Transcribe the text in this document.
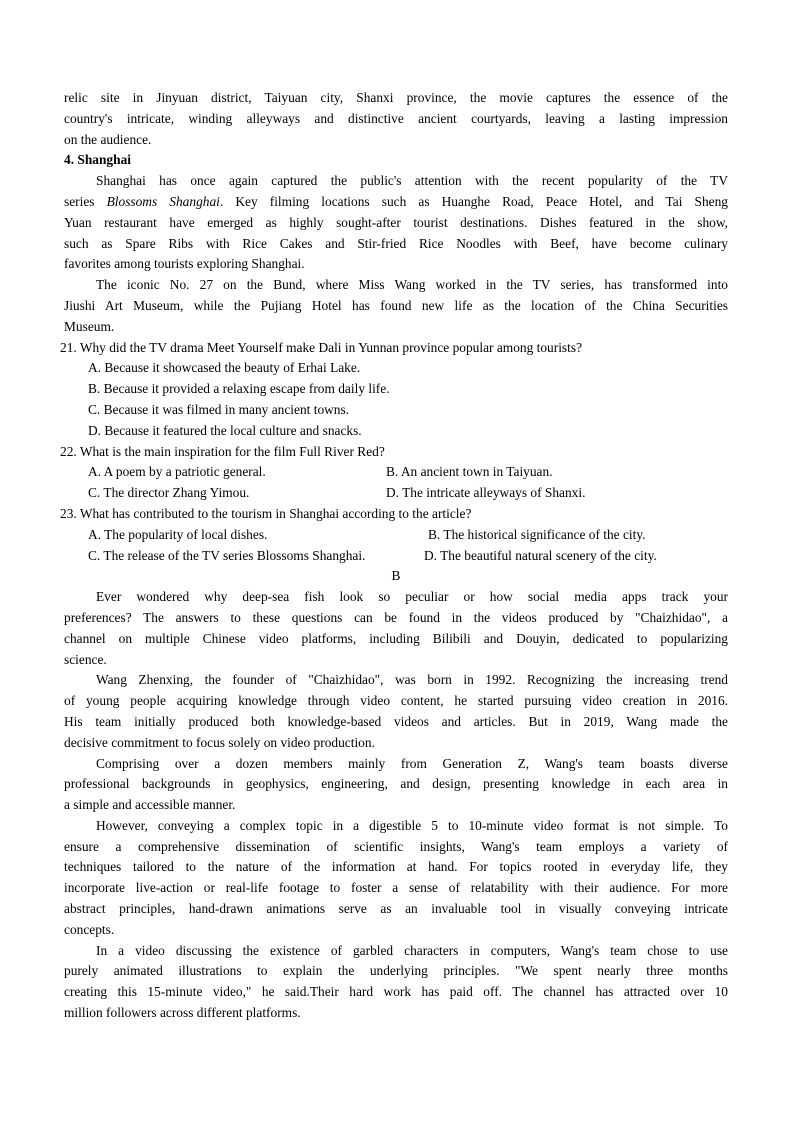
relic site in Jinyuan district, Taiyuan city, Shanxi province, the movie captures the essence of the
country's intricate, winding alleyways and distinctive ancient courtyards, leaving a lasting impression
on the audience.
4. Shanghai
Shanghai has once again captured the public's attention with the recent popularity of the TV
series Blossoms Shanghai. Key filming locations such as Huanghe Road, Peace Hotel, and Tai Sheng
Yuan restaurant have emerged as highly sought-after tourist destinations. Dishes featured in the show,
such as Spare Ribs with Rice Cakes and Stir-fried Rice Noodles with Beef, have become culinary
favorites among tourists exploring Shanghai.
The iconic No. 27 on the Bund, where Miss Wang worked in the TV series, has transformed into
Jiushi Art Museum, while the Pujiang Hotel has found new life as the location of the China Securities
Museum.
21. Why did the TV drama Meet Yourself make Dali in Yunnan province popular among tourists?
A. Because it showcased the beauty of Erhai Lake.
B. Because it provided a relaxing escape from daily life.
C. Because it was filmed in many ancient towns.
D. Because it featured the local culture and snacks.
22. What is the main inspiration for the film Full River Red?
A. A poem by a patriotic general.	B. An ancient town in Taiyuan.
C. The director Zhang Yimou.	D. The intricate alleyways of Shanxi.
23. What has contributed to the tourism in Shanghai according to the article?
A. The popularity of local dishes.	B. The historical significance of the city.
C. The release of the TV series Blossoms Shanghai.	D. The beautiful natural scenery of the city.
B
Ever wondered why deep-sea fish look so peculiar or how social media apps track your
preferences? The answers to these questions can be found in the videos produced by "Chaizhidao", a
channel on multiple Chinese video platforms, including Bilibili and Douyin, dedicated to popularizing
science.
Wang Zhenxing, the founder of "Chaizhidao", was born in 1992. Recognizing the increasing trend
of young people acquiring knowledge through video content, he started pursuing video creation in 2016.
His team initially produced both knowledge-based videos and articles. But in 2019, Wang made the
decisive commitment to focus solely on video production.
Comprising over a dozen members mainly from Generation Z, Wang's team boasts diverse
professional backgrounds in geophysics, engineering, and design, presenting knowledge in each area in
a simple and accessible manner.
However, conveying a complex topic in a digestible 5 to 10-minute video format is not simple. To
ensure a comprehensive dissemination of scientific insights, Wang's team employs a variety of
techniques tailored to the nature of the information at hand. For topics rooted in everyday life, they
incorporate live-action or real-life footage to foster a sense of relatability with their audience. For more
abstract principles, hand-drawn animations serve as an invaluable tool in visually conveying intricate
concepts.
In a video discussing the existence of garbled characters in computers, Wang's team chose to use
purely animated illustrations to explain the underlying principles. "We spent nearly three months
creating this 15-minute video," he said.Their hard work has paid off. The channel has attracted over 10
million followers across different platforms.
